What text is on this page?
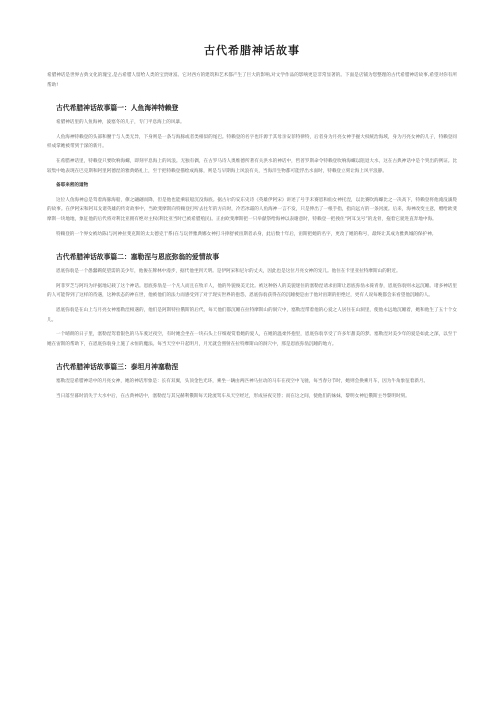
古代希腊神话故事

希腊神话是世界古典文化的瑰宝,是古希腊人留给人类的宝贵财富。它对西方的建筑和艺术都产生了巨大的影响,对文学作品的影响更是非常显著的。下面是店铺为您整理的古代希腊神话故事,希望对你有所帮助!

古代希腊神话故事篇一：人鱼海神特赖登

希腊神话里的人鱼海神，波塞冬的儿子，专门平息海上的风暴。

人鱼海神特赖登的头部和腰于与人类无异，下身则是一条与海豚或者类相似的尾巴。特赖登的名字也许源于其母亲安菲特律特，后者身为月亮女神手握大权统治海域，身为月亮女神的儿子，特赖登同样成掌她被带到于深的新月。

在希腊神话里，特赖登只要吹响海螺，即刻平息海上的风浪。无独有偶，在古罗马诗人奥维德所著有关洪水的神话中，哲普罗斯命令特赖登吹响海螺以阻退大水，这在古典神话中是个突出的例证。比较集中地表现在巴克斯和阿里阿德涅的雅典婚礼上，至于把特赖登描绘成海豚，则是与早期海上风浪有关，当海洋生物都可能浮出水面时，特赖登立刻让海上风平浪静。

备耶来密的道物

这位人鱼海神总是驾着海豚海船，僚之翩翩而降，但是他也能乘驭船沉没海底。据古尔的安东史诗《英雄伊阿宋》讲述了号手未赛恩和仙女神托涅，以比赛吹海螺比之一决高下，特赖登将他淹没溺毙的故事。在伊阿宋和阿耳戈诸英雄的传奇故事中，当欧斐摩斯向特赖登打听去往年的方向时，冷若冰霜的人鱼海神一言不发，只是伸出了一根手指，指向远方的一条河流。后来，海神改变主意，赠给欧斐摩斯一块地地，象征他的后代将对利比亚拥有绝对主权(利比亚当时已被希腊殖民)。正由欧斐摩斯把一只举献祭给海神以表谢意时，特赖登一把拽住“阿耳戈号”的龙骨，拖着它驶进直奔地中海。

特赖登的一个界女被幼陈(与河神拉斐克斯的太太德克于系)在与玩伴雅典娜女神打斗摔舒被宙斯者杀身，此后数十年后，宙斯把她的名字，更改了她的称号，最终让其成为雅典城的保护神。

古代希腊神话故事篇二：塞勒涅与恩底弥翁的爱情故事

恩底弥翁是一个愚蠢羁促望需的美少年，他俊在牌林中漫步，据代他坐到天明。是伊阿宋和尼尔的丈夫，因此也是这位月亮女神的宠儿。他住在卡里亚拉特摩斯山的附近。

阿菲罗芝与阿玛为评据地记载了这个神话。恩底弥翁是一个凡人而且在牧羊人，他的外貌俊美无比。被这种俗人的美貌迷住的塞勒涅请求宙斯让恩底弥翁永葆青春，恩底弥翁则永远沉睡。诸多神话里的人可能得到了这样的待遇，这种状态的神在世，他被他们的法力而感受到了对于现实世界的抱怨，恩底弥翁获得在的沉睡便是由于他对宙斯的拒绝过，更有人说每晚都会来看望他沉睡的人。

恩底弥翁是在山上与月亮女神塞勒涅相遇的，他们是阿斯特拉俄斯的后代，每天他们都沉睡在拉特摩斯山的洞穴中，塞勒涅带着他的心爱之人居住在山洞里，使他永远地沉睡着，她和他生了五十个女儿。

一个晴朗的日子里，塞勒涅驾着银色的马车驶过夜空，有时她会坐在一块石头上仔细观赏着她的爱人，在她的温柔怀抱里，恩底弥翁享受了许多年甜美的梦。塞勒涅对美少年的爱是如此之深，以至于她在宙斯的帮助下，在恩底弥翁身上施了永恒的魔法。每当天空中升起明月，月光就会照射在拉特摩斯山的洞穴中，那是恩底弥翁沉睡的地方。

古代希腊神话故事篇三：泰坦月神塞勒涅

塞勒涅是希腊神话中的月亮女神，她的神话形象是：长有双翼，头顶金色光环，乘坐一辆由两匹神马拉动的马车在夜空中飞驰，每当春分节时，她则会换乘月车，因为牛角象征着新月。

当日落至暮时消失于大水中后，在古典神话中，塞勒涅与其兄赫利俄斯每天轮流驾车从天空经过，形成昼夜交替；而在这之间，使他们的妹妹，黎明女神厄俄斯主导黎明时刻。
